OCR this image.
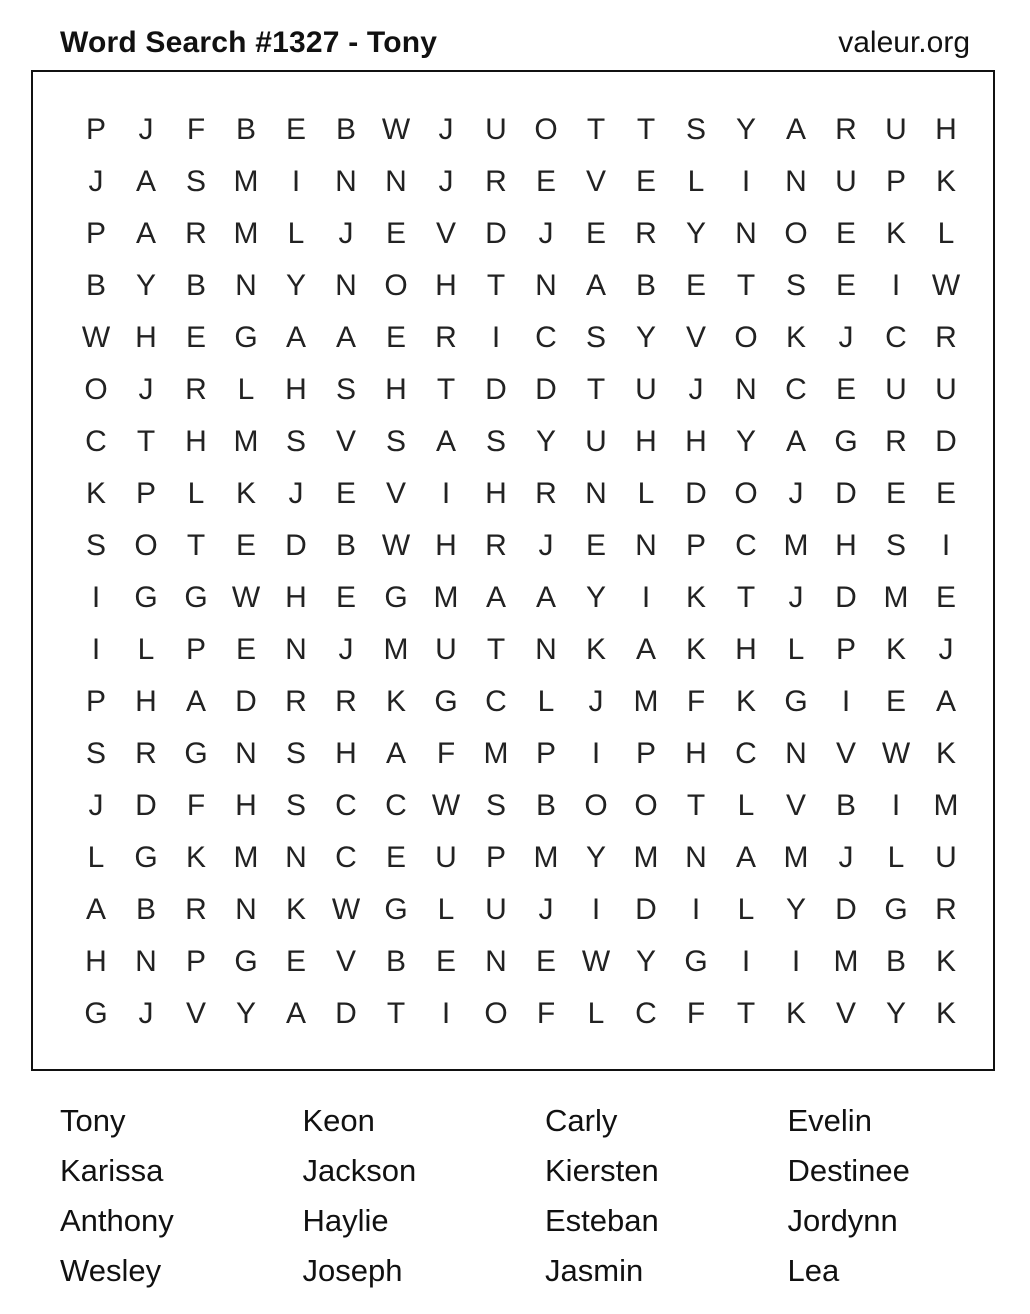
Word Search #1327 - Tony	valeur.org
P	J	F	B E B W J	U O T	T	S Y A R U H
J	A S M	I	N N	J	R E V E	L	I	N U P K
P A R M L	J	E V D	J	E R Y N O E K	L
B Y B N Y N O H	T	N A B E	T	S E	I	W
W H E G A A E R	I	C S Y V O K	J	C R
O	J	R	L	H S H	T	D D	T	U	J	N C E U U
C	T	H M S V S A S Y U H H Y A G R D
K P	L	K	J	E V	I	H R N	L	D O	J	D E E
S O T	E D B W H R	J	E N P C M H S	I
I	G G W H E G M A A Y	I	K	T	J	D M E
I	L	P E N	J	M U	T	N K A K H	L	P K	J
P H A D R R K G C	L	J	M F	K G	I	E A
S R G N S H A	F M P	I	P H C N V W K
J	D	F	H S C C W S B O O T	L	V B	I	M
L G K M N C E U P M Y M N A M	J	L	U
A B R N K W G L	U	J	I	D	I	L	Y D G R
H N P G E V B E N E W Y G	I	I	M B K
G	J	V Y A D	T	I	O F	L	C	F	T	K V Y K
Tony	Keon	Carly	Evelin
Karissa	Jackson	Kiersten	Destinee
Anthony	Haylie	Esteban	Jordynn
Wesley	Joseph	Jasmin	Lea
